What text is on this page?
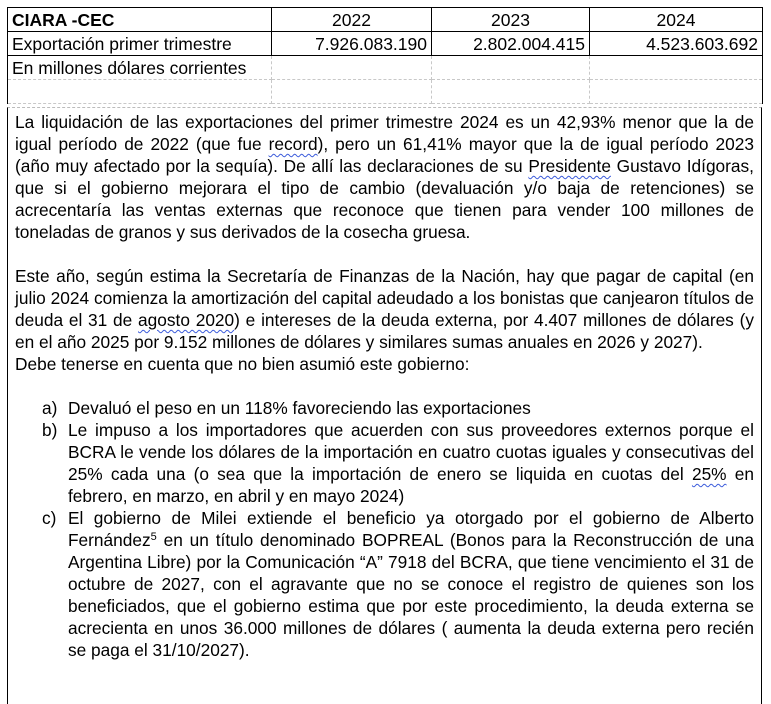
CIARA -CEC	2022	2023	2024
Exportación primer trimestre	7.926.083.190	2.802.004.415	4.523.603.692
En millones dólares corrientes			

La liquidación de las exportaciones del primer trimestre 2024 es un 42,93% menor que la de igual período de 2022 (que fue record), pero un 61,41% mayor que la de igual período 2023 (año muy afectado por la sequía). De allí las declaraciones de su Presidente Gustavo Idígoras, que si el gobierno mejorara el tipo de cambio (devaluación y/o baja de retenciones) se acrecentaría las ventas externas que reconoce que tienen para vender 100 millones de toneladas de granos y sus derivados de la cosecha gruesa.

Este año, según estima la Secretaría de Finanzas de la Nación, hay que pagar de capital (en julio 2024 comienza la amortización del capital adeudado a los bonistas que canjearon títulos de deuda el 31 de agosto 2020) e intereses de la deuda externa, por 4.407 millones de dólares (y en el año 2025 por 9.152 millones de dólares y similares sumas anuales en 2026 y 2027).

Debe tenerse en cuenta que no bien asumió este gobierno:

a) Devaluó el peso en un 118% favoreciendo las exportaciones
b) Le impuso a los importadores que acuerden con sus proveedores externos porque el BCRA le vende los dólares de la importación en cuatro cuotas iguales y consecutivas del 25% cada una (o sea que la importación de enero se liquida en cuotas del 25% en febrero, en marzo, en abril y en mayo 2024)
c) El gobierno de Milei extiende el beneficio ya otorgado por el gobierno de Alberto Fernández$^5$ en un título denominado BOPREAL (Bonos para la Reconstrucción de una Argentina Libre) por la Comunicación “A” 7918 del BCRA, que tiene vencimiento el 31 de octubre de 2027, con el agravante que no se conoce el registro de quienes son los beneficiados, que el gobierno estima que por este procedimiento, la deuda externa se acrecienta en unos 36.000 millones de dólares ( aumenta la deuda externa pero recién se paga el 31/10/2027).
